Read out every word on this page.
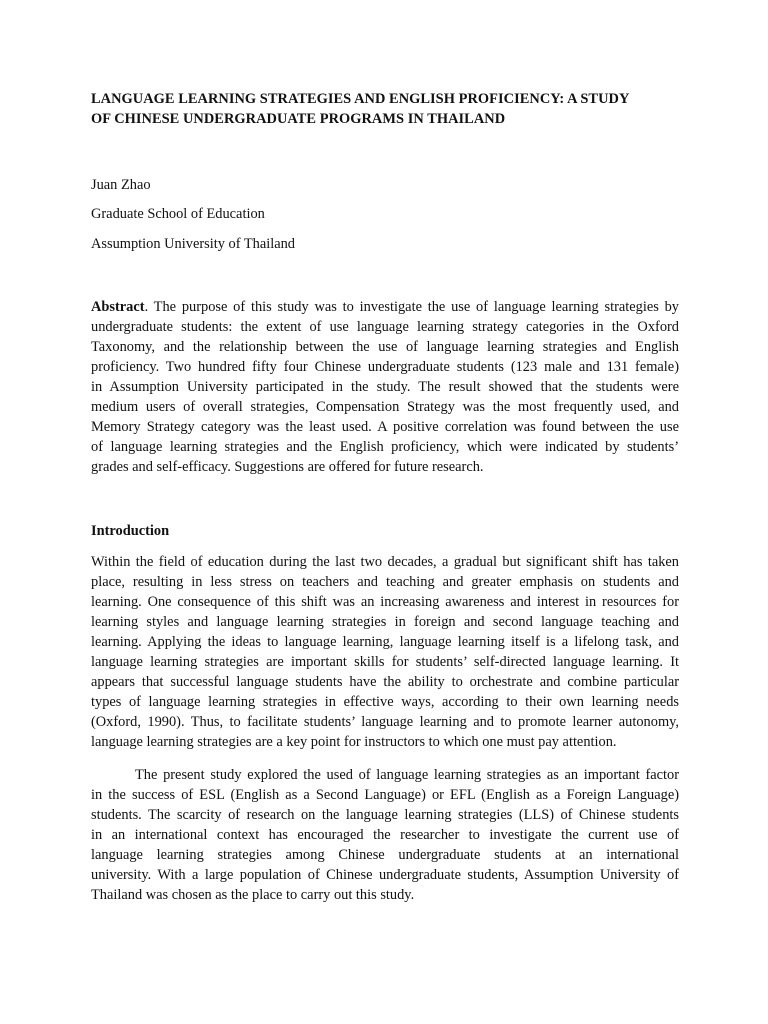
LANGUAGE LEARNING STRATEGIES AND ENGLISH PROFICIENCY: A STUDY
OF CHINESE UNDERGRADUATE PROGRAMS IN THAILAND
Juan Zhao
Graduate School of Education
Assumption University of Thailand
Abstract. The purpose of this study was to investigate the use of language learning strategies by
undergraduate students: the extent of use language learning strategy categories in the Oxford
Taxonomy, and the relationship between the use of language learning strategies and English
proficiency. Two hundred fifty four Chinese undergraduate students (123 male and 131 female)
in Assumption University participated in the study. The result showed that the students were
medium users of overall strategies, Compensation Strategy was the most frequently used, and
Memory Strategy category was the least used. A positive correlation was found between the use
of language learning strategies and the English proficiency, which were indicated by students’
grades and self-efficacy. Suggestions are offered for future research.
Introduction
Within the field of education during the last two decades, a gradual but significant shift has taken
place, resulting in less stress on teachers and teaching and greater emphasis on students and
learning. One consequence of this shift was an increasing awareness and interest in resources for
learning styles and language learning strategies in foreign and second language teaching and
learning. Applying the ideas to language learning, language learning itself is a lifelong task, and
language learning strategies are important skills for students’ self-directed language learning. It
appears that successful language students have the ability to orchestrate and combine particular
types of language learning strategies in effective ways, according to their own learning needs
(Oxford, 1990). Thus, to facilitate students’ language learning and to promote learner autonomy,
language learning strategies are a key point for instructors to which one must pay attention.
The present study explored the used of language learning strategies as an important factor
in the success of ESL (English as a Second Language) or EFL (English as a Foreign Language)
students. The scarcity of research on the language learning strategies (LLS) of Chinese students
in an international context has encouraged the researcher to investigate the current use of
language learning strategies among Chinese undergraduate students at an international
university. With a large population of Chinese undergraduate students, Assumption University of
Thailand was chosen as the place to carry out this study.
